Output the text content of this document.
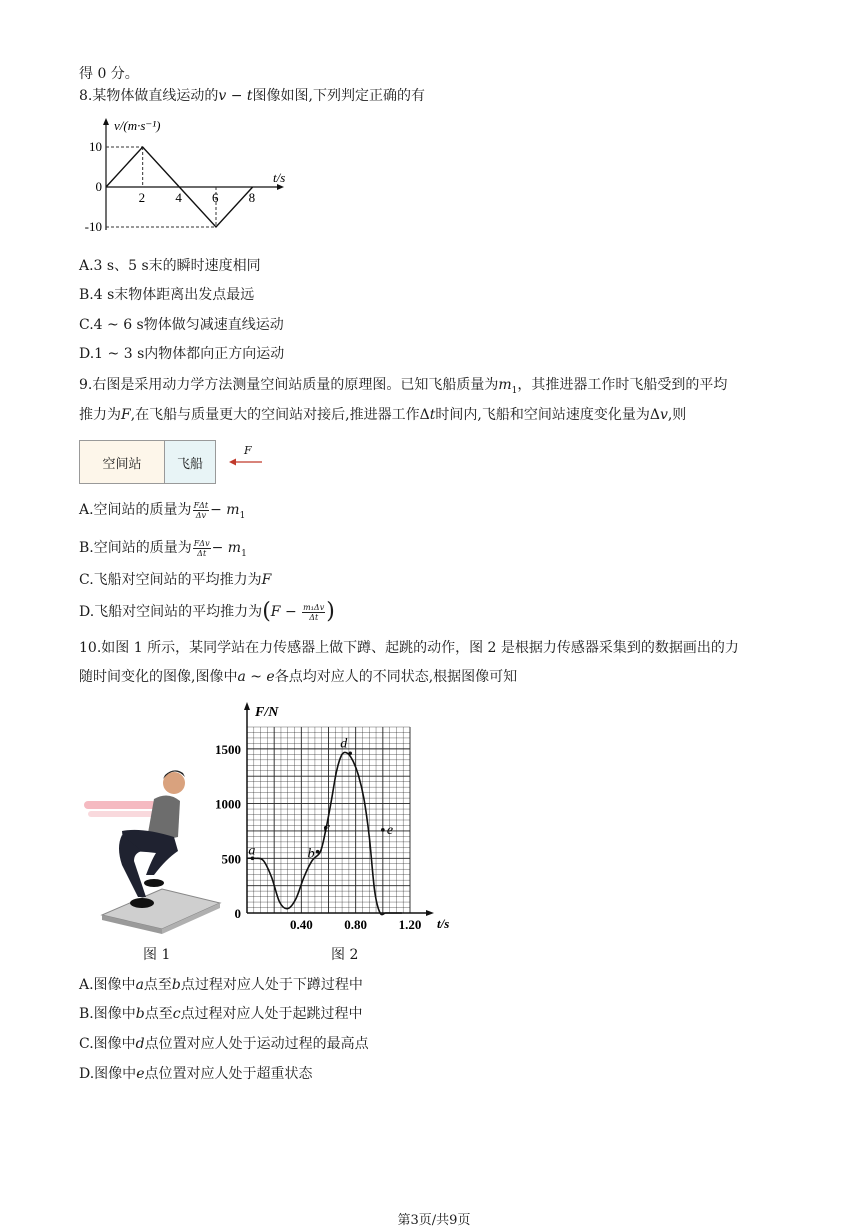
得 0 分。
8.某物体做直线运动的v − t图像如图,下列判定正确的有
2 4 6 8
10
0
-10
v/(m·s⁻¹)
t/s
A.3 s、5 s末的瞬时速度相同
B.4 s末物体距离出发点最远
C.4 ~ 6 s物体做匀减速直线运动
D.1 ~ 3 s内物体都向正方向运动
9.右图是采用动力学方法测量空间站质量的原理图。已知飞船质量为$m_1$，其推进器工作时飞船受到的平均
推力为F,在飞船与质量更大的空间站对接后,推进器工作Δt时间内,飞船和空间站速度变化量为Δv,则
空间站	飞船
F
A.空间站的质量为 $\frac{\text{FΔt}}{\Delta v} - m_1$
B.空间站的质量为 $\frac{\text{FΔv}}{\Delta t} - m_1$
C.飞船对空间站的平均推力为F
D.飞船对空间站的平均推力为($F - \frac{\text{m₁Δv}}{\Delta t}$ )
10.如图 1 所示，某同学站在力传感器上做下蹲、起跳的动作，图 2 是根据力传感器采集到的数据画出的力
随时间变化的图像,图像中a ~ e各点均对应人的不同状态,根据图像可知
图 1
0
500
1000
1500
0.40 0.80 1.20
a	b
c
d
e
F/N
t/s
图 2
A.图像中a点至b点过程对应人处于下蹲过程中
B.图像中b点至c点过程对应人处于起跳过程中
C.图像中d点位置对应人处于运动过程的最高点
D.图像中e点位置对应人处于超重状态
第3页/共9页
